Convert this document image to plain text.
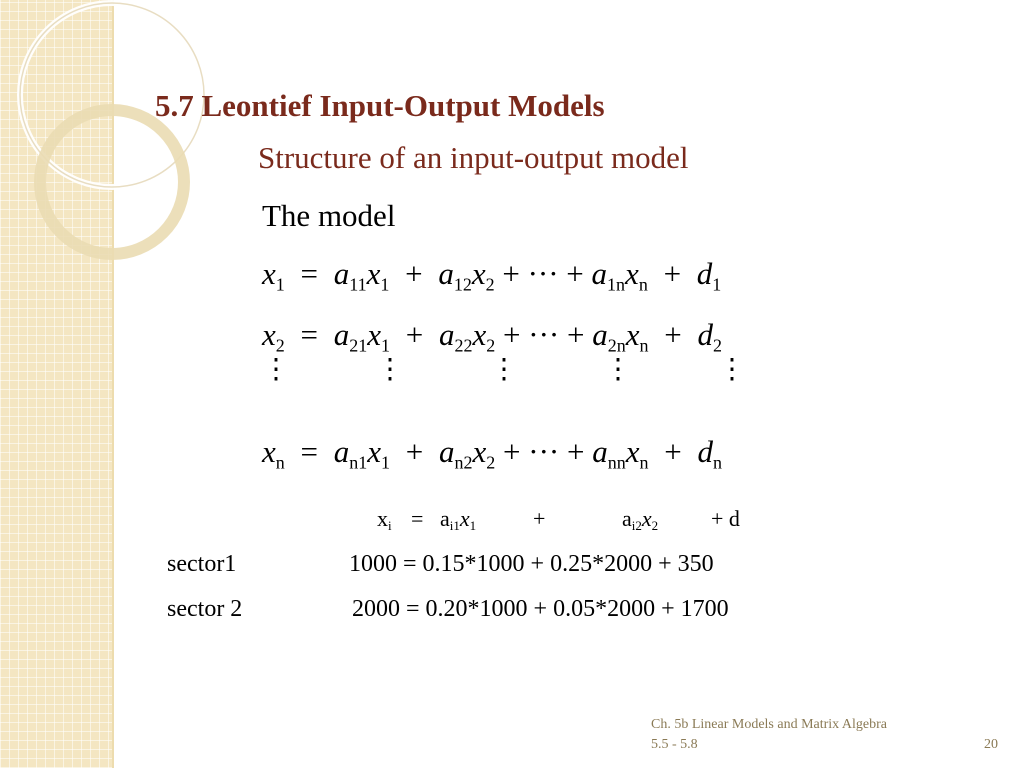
5.7 Leontief Input-Output Models
Structure of an input-output model
The model
$x_1 = a_{11}x_1 + a_{12}x_2$ + ··· + $a_{1n}x_n + d_1$
$x_2 = a_{21}x_1 + a_{22}x_2$ + ··· + $a_{2n}x_n + d_2$
⋮	⋮	⋮	⋮	⋮
$x_n = a_{n1}x_1 + a_{n2}x_2$ + ··· + $a_{nn}x_n + d_n$
$x_i = a_{i1}x_1$	+	$a_{i2}x_2 + d$
sector1	1000 = 0.15*1000 + 0.25*2000 + 350
sector 2	2000 = 0.20*1000 + 0.05*2000 + 1700
Ch. 5b Linear Models and Matrix Algebra
5.5 - 5.8	20
